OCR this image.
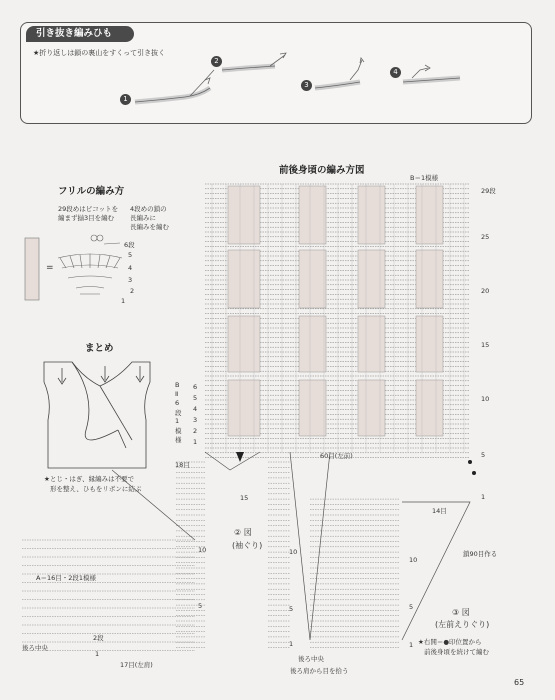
引き抜き編みひも
★折り返しは鎖の裏山をすくって引き抜く
1
2
3
4
フリルの編み方
29段めはピコットを
編まず揃3目を編む
4段めの鎖の
長編みに
長編みを編む
6段
5
4
3
2
1
=
まとめ
★とじ・はぎ、縁編みは不要で
形を整え、ひもをリボンに結ぶ
前後身頃の編み方図
B＝1模様
29段
25
20
15
10
5
6
5
4
3
2
1
B
Ⅱ
6
段
1
模
様
60目(左前)
18目
15
14目
1
② 図
(袖ぐり)
③ 図
(左前えりぐり)
鎖90目作る
A＝16目・2段1模様
10
5
2段
1
後ろ中央
17目(左肩)
後ろ中央
後ろ肩から目を拾う
10
5
1
10
5
1 ★右開＝●印位置から
前後身頃を続けて編む
65
